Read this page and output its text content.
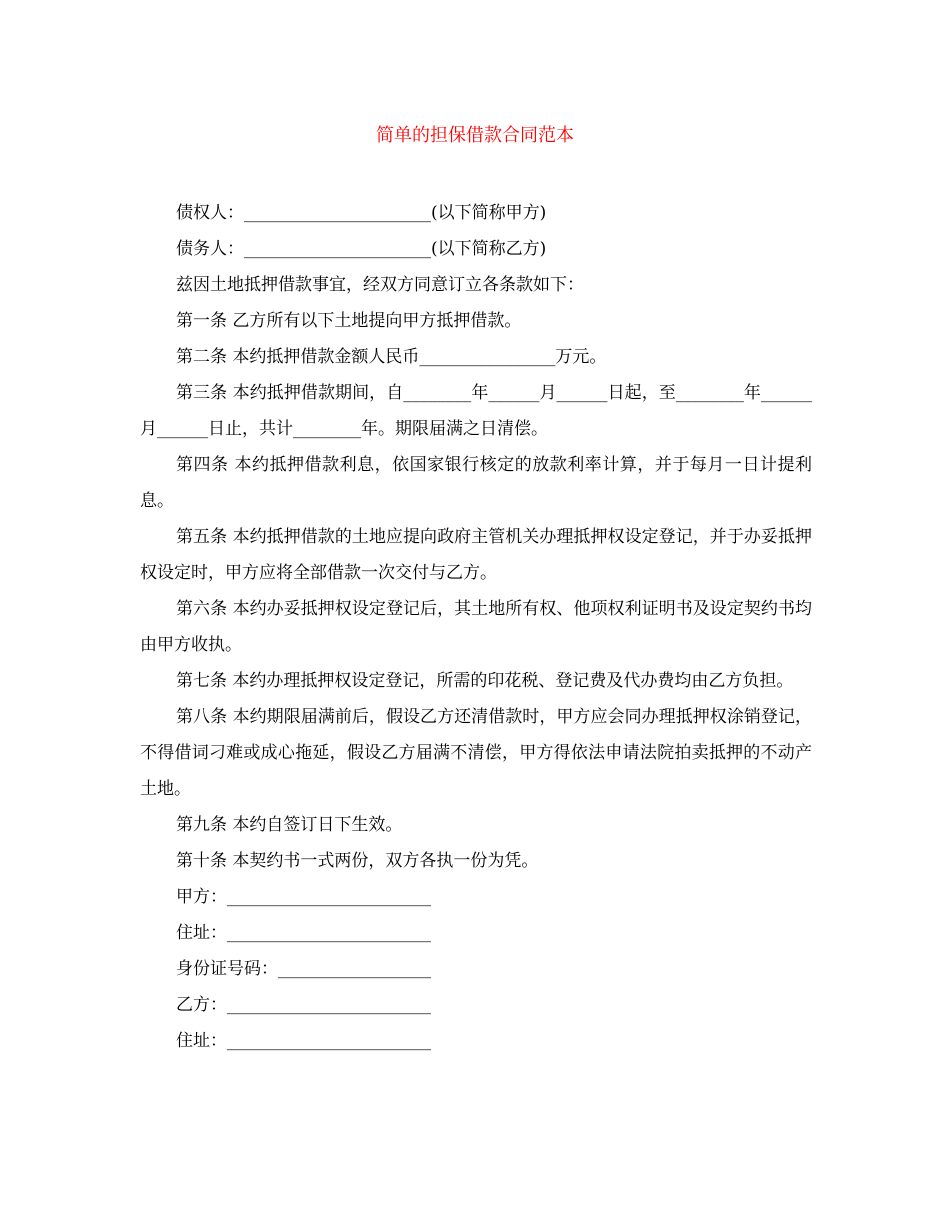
简单的担保借款合同范本

债权人：______________________(以下简称甲方)

债务人：______________________(以下简称乙方)

兹因土地抵押借款事宜，经双方同意订立各条款如下：

第一条 乙方所有以下土地提向甲方抵押借款。

第二条 本约抵押借款金额人民币________________万元。

第三条 本约抵押借款期间，自________年______月______日起，至________年______月______日止，共计________年。期限届满之日清偿。

第四条 本约抵押借款利息，依国家银行核定的放款利率计算，并于每月一日计提利息。

第五条 本约抵押借款的土地应提向政府主管机关办理抵押权设定登记，并于办妥抵押权设定时，甲方应将全部借款一次交付与乙方。

第六条 本约办妥抵押权设定登记后，其土地所有权、他项权利证明书及设定契约书均由甲方收执。

第七条 本约办理抵押权设定登记，所需的印花税、登记费及代办费均由乙方负担。

第八条 本约期限届满前后，假设乙方还清借款时，甲方应会同办理抵押权涂销登记，不得借词刁难或成心拖延，假设乙方届满不清偿，甲方得依法申请法院拍卖抵押的不动产土地。

第九条 本约自签订日下生效。

第十条 本契约书一式两份，双方各执一份为凭。

甲方：________________________

住址：________________________

身份证号码：__________________

乙方：________________________

住址：________________________
